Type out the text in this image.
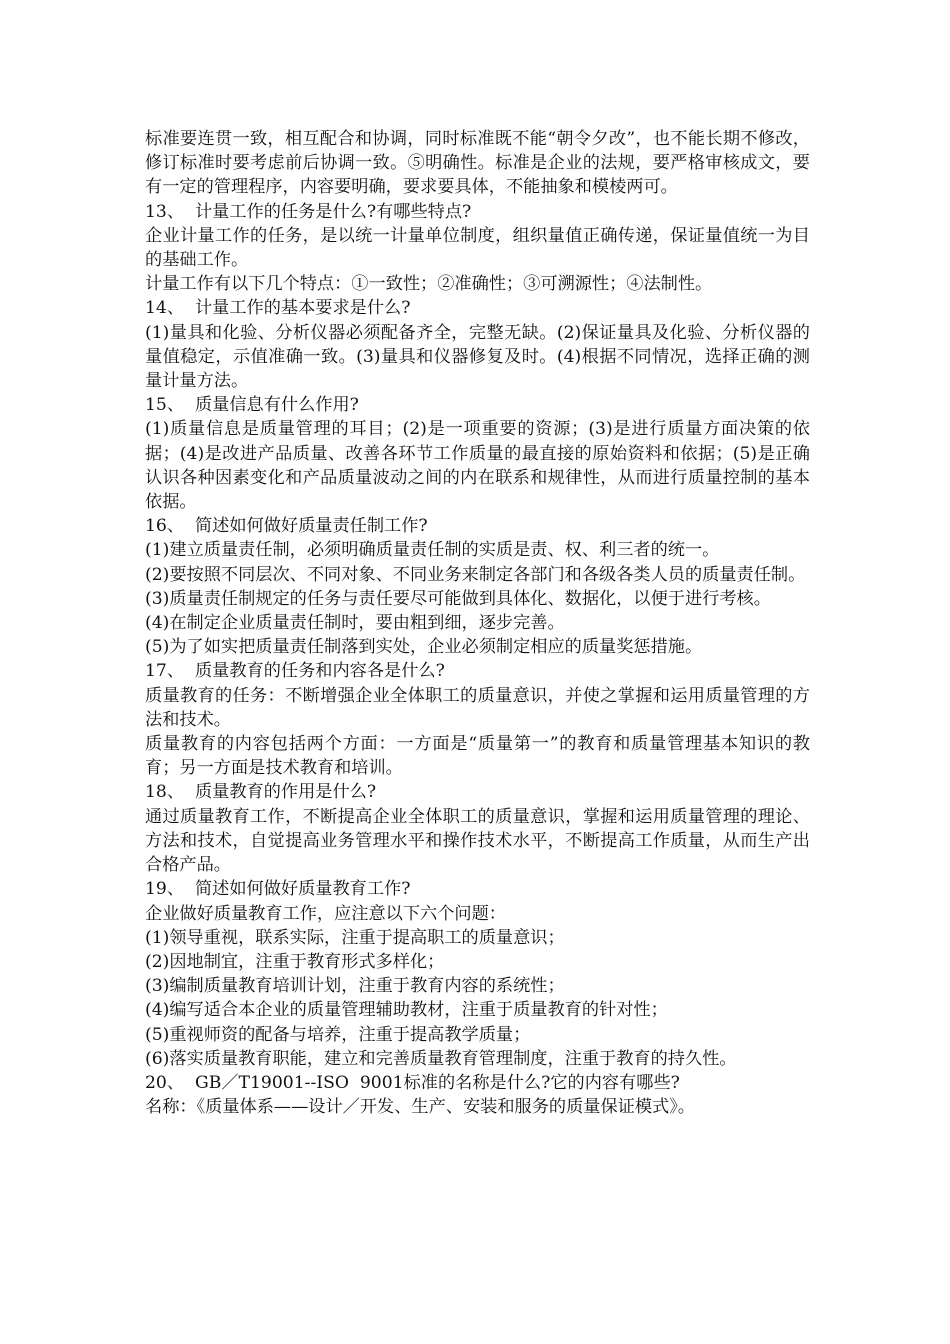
标准要连贯一致，相互配合和协调，同时标准既不能“朝令夕改”，也不能长期不修改，修订标准时要考虑前后协调一致。⑤明确性。标准是企业的法规，要严格审核成文，要有一定的管理程序，内容要明确，要求要具体，不能抽象和模棱两可。

13、  计量工作的任务是什么?有哪些特点?

企业计量工作的任务，是以统一计量单位制度，组织量值正确传递，保证量值统一为目的基础工作。

计量工作有以下几个特点：①一致性；②准确性；③可溯源性；④法制性。

14、  计量工作的基本要求是什么?

(1)量具和化验、分析仪器必须配备齐全，完整无缺。(2)保证量具及化验、分析仪器的量值稳定，示值准确一致。(3)量具和仪器修复及时。(4)根据不同情况，选择正确的测量计量方法。

15、  质量信息有什么作用?

(1)质量信息是质量管理的耳目；(2)是一项重要的资源；(3)是进行质量方面决策的依据；(4)是改进产品质量、改善各环节工作质量的最直接的原始资料和依据；(5)是正确认识各种因素变化和产品质量波动之间的内在联系和规律性，从而进行质量控制的基本依据。

16、  简述如何做好质量责任制工作?

(1)建立质量责任制，必须明确质量责任制的实质是责、权、利三者的统一。

(2)要按照不同层次、不同对象、不同业务来制定各部门和各级各类人员的质量责任制。

(3)质量责任制规定的任务与责任要尽可能做到具体化、数据化，以便于进行考核。

(4)在制定企业质量责任制时，要由粗到细，逐步完善。

(5)为了如实把质量责任制落到实处，企业必须制定相应的质量奖惩措施。

17、  质量教育的任务和内容各是什么?

质量教育的任务：不断增强企业全体职工的质量意识，并使之掌握和运用质量管理的方法和技术。

质量教育的内容包括两个方面：一方面是“质量第一”的教育和质量管理基本知识的教育；另一方面是技术教育和培训。

18、  质量教育的作用是什么?

通过质量教育工作，不断提高企业全体职工的质量意识，掌握和运用质量管理的理论、方法和技术，自觉提高业务管理水平和操作技术水平，不断提高工作质量，从而生产出合格产品。

19、  简述如何做好质量教育工作?

企业做好质量教育工作，应注意以下六个问题：

(1)领导重视，联系实际，注重于提高职工的质量意识；

(2)因地制宜，注重于教育形式多样化；

(3)编制质量教育培训计划，注重于教育内容的系统性；

(4)编写适合本企业的质量管理辅助教材，注重于质量教育的针对性；

(5)重视师资的配备与培养，注重于提高教学质量；

(6)落实质量教育职能，建立和完善质量教育管理制度，注重于教育的持久性。

20、  GB／T19001--ISO  9001标准的名称是什么?它的内容有哪些?

名称：《质量体系——设计／开发、生产、安装和服务的质量保证模式》。
